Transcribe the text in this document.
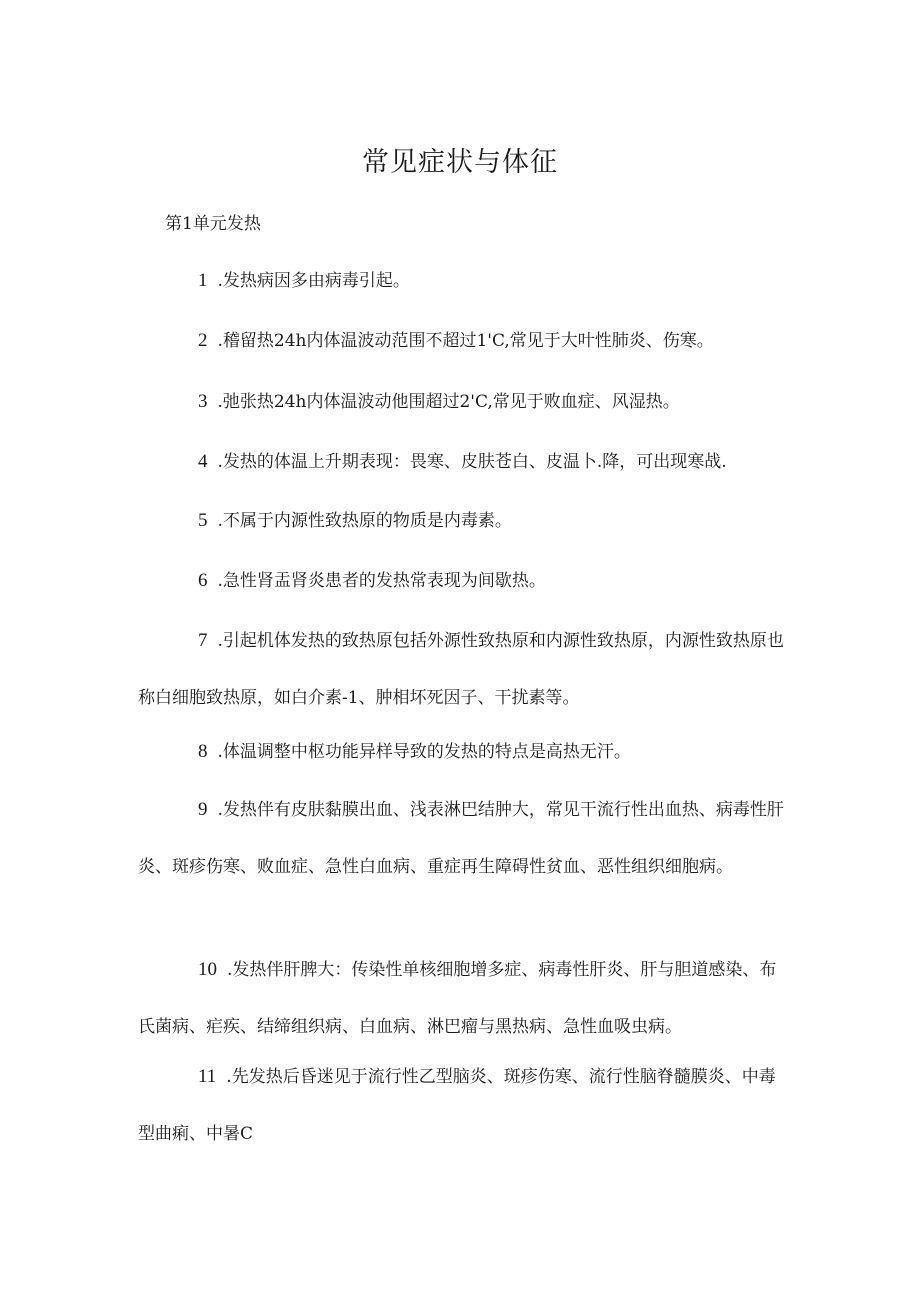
常见症状与体征

第1单元发热

1 .发热病因多由病毒引起。

2 .稽留热24h内体温波动范围不超过1'C,常见于大叶性肺炎、伤寒。

3 .弛张热24h内体温波动他围超过2'C,常见于败血症、风湿热。

4 .发热的体温上升期表现：畏寒、皮肤苍白、皮温卜.降，可出现寒战.

5 .不属于内源性致热原的物质是内毒素。

6 .急性肾盂肾炎患者的发热常表现为间歇热。

7 .引起机体发热的致热原包括外源性致热原和内源性致热原，内源性致热原也称白细胞致热原，如白介素-1、肿相坏死因子、干扰素等。

8 .体温调整中枢功能异样导致的发热的特点是高热无汗。

9 .发热伴有皮肤黏膜出血、浅表淋巴结肿大，常见干流行性出血热、病毒性肝炎、斑疹伤寒、败血症、急性白血病、重症再生障碍性贫血、恶性组织细胞病。

10 .发热伴肝脾大：传染性单核细胞增多症、病毒性肝炎、肝与胆道感染、布氏菌病、疟疾、结缔组织病、白血病、淋巴瘤与黑热病、急性血吸虫病。

11 .先发热后昏迷见于流行性乙型脑炎、斑疹伤寒、流行性脑脊髓膜炎、中毒型曲痢、中暑C
